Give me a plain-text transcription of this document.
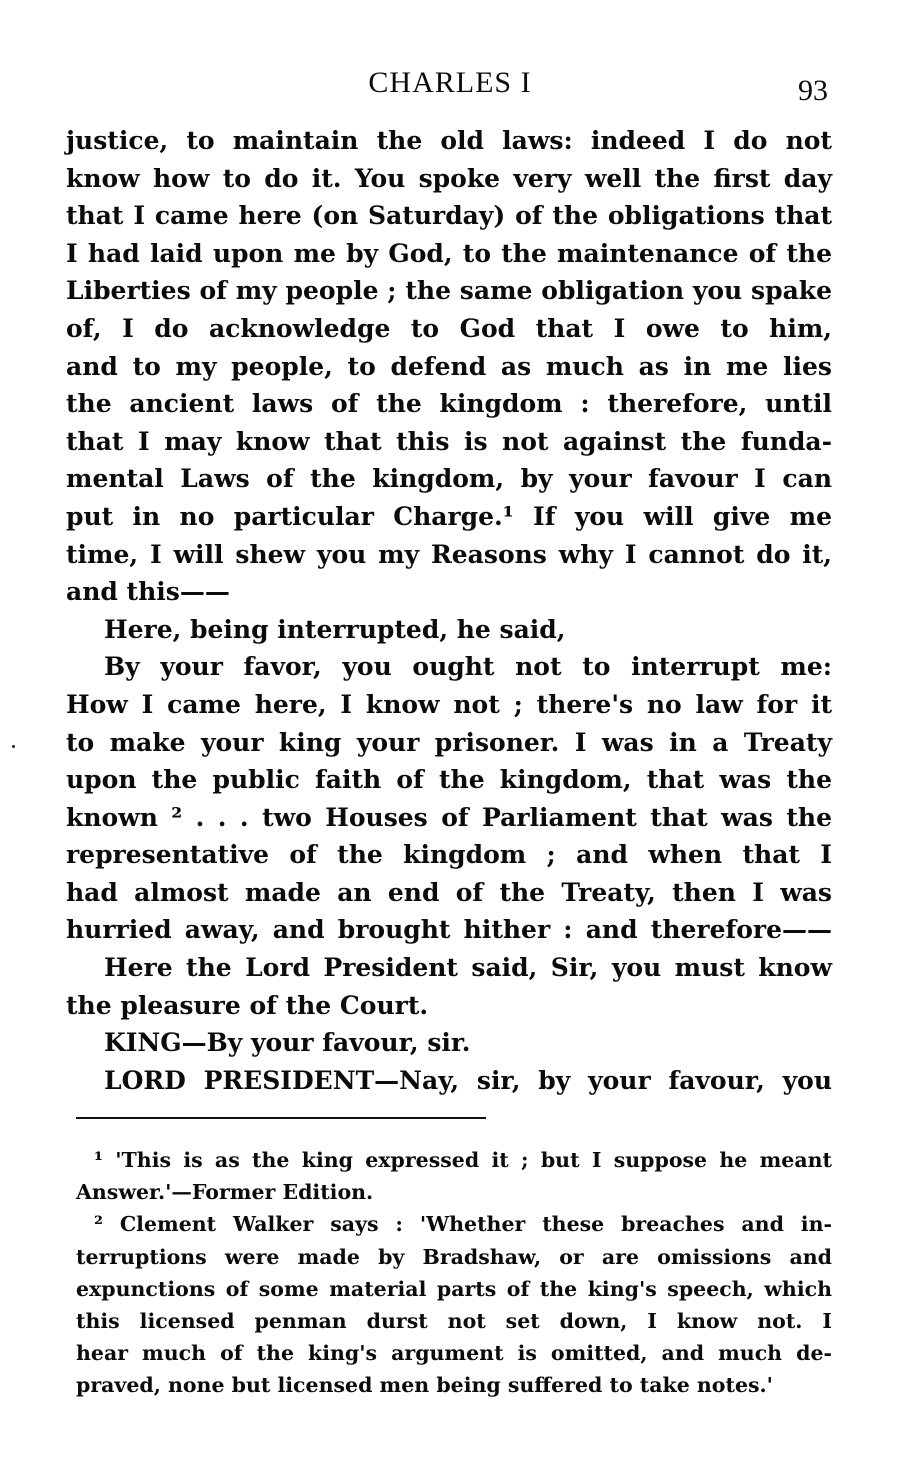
CHARLES I	93
justice, to maintain the old laws: indeed I do not
know how to do it. You spoke very well the first day
that I came here (on Saturday) of the obligations that
I had laid upon me by God, to the maintenance of the
Liberties of my people ; the same obligation you spake
of, I do acknowledge to God that I owe to him,
and to my people, to defend as much as in me lies
the ancient laws of the kingdom : therefore, until
that I may know that this is not against the funda-
mental Laws of the kingdom, by your favour I can
put in no particular Charge.¹ If you will give me
time, I will shew you my Reasons why I cannot do it,
and this——
Here, being interrupted, he said,
By your favor, you ought not to interrupt me:
How I came here, I know not ; there's no law for it
to make your king your prisoner. I was in a Treaty
upon the public faith of the kingdom, that was the
known ² . . . two Houses of Parliament that was the
representative of the kingdom ; and when that I
had almost made an end of the Treaty, then I was
hurried away, and brought hither : and therefore——
Here the Lord President said, Sir, you must know
the pleasure of the Court.
KING—By your favour, sir.
LORD PRESIDENT—Nay, sir, by your favour, you
¹ 'This is as the king expressed it ; but I suppose he meant
Answer.'—Former Edition.
² Clement Walker says : 'Whether these breaches and in-
terruptions were made by Bradshaw, or are omissions and
expunctions of some material parts of the king's speech, which
this licensed penman durst not set down, I know not. I
hear much of the king's argument is omitted, and much de-
praved, none but licensed men being suffered to take notes.'
